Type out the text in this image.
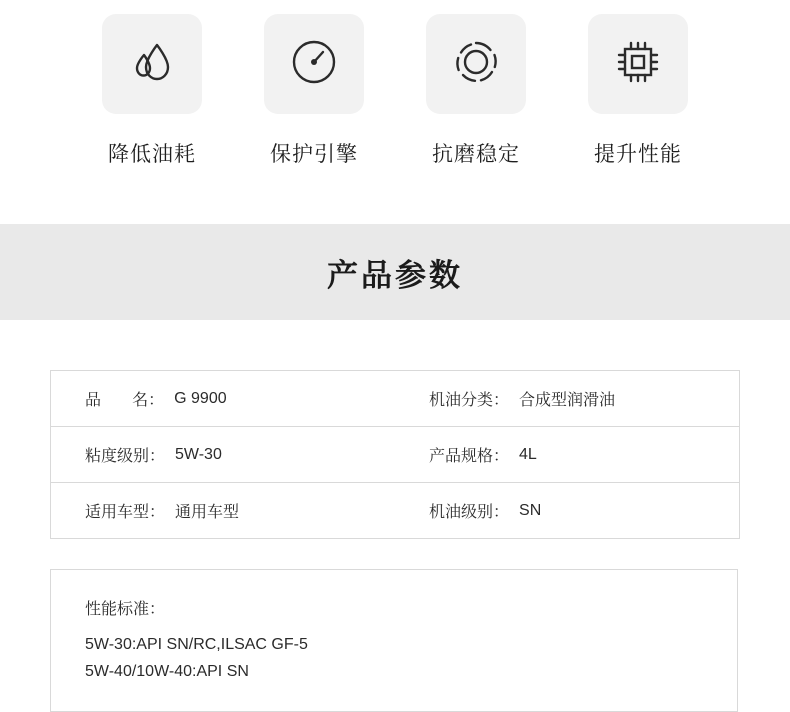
降低油耗	保护引擎	抗磨稳定	提升性能
产品参数
品       名： G 9900	机油分类： 合成型润滑油

粘度级别： 5W-30	产品规格： 4L

适用车型： 通用车型	机油级别： SN
性能标准：
5W-30:API SN/RC,ILSAC GF-5
5W-40/10W-40:API SN
